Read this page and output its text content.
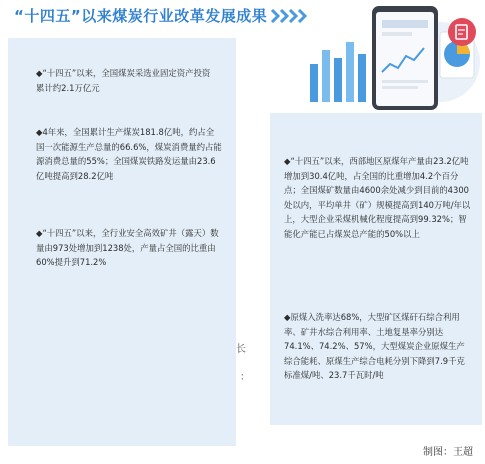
“十四五”以来煤炭行业改革发展成果

◆“十四五”以来，全国煤炭采选业固定资产投资累计约2.1万亿元

◆4年来，全国累计生产煤炭181.8亿吨，约占全国一次能源生产总量的66.6%，煤炭消费量约占能源消费总量的55%；全国煤炭铁路发运量由23.6亿吨提高到28.2亿吨

◆“十四五”以来，全行业安全高效矿井（露天）数量由973处增加到1238处，产量占全国的比重由60%提升到71.2%

◆“十四五”以来，西部地区原煤年产量由23.2亿吨增加到30.4亿吨，占全国的比重增加4.2个百分点；全国煤矿数量由4600余处减少到目前的4300处以内，平均单井（矿）规模提高到140万吨/年以上，大型企业采煤机械化程度提高到99.32%；智能化产能已占煤炭总产能的50%以上

◆原煤入洗率达68%，大型矿区煤矸石综合利用率、矿井水综合利用率、土地复垦率分别达74.1%、74.2%、57%，大型煤炭企业原煤生产综合能耗、原煤生产综合电耗分别下降到7.9千克标准煤/吨、23.7千瓦时/吨

长
：
制图：王超
